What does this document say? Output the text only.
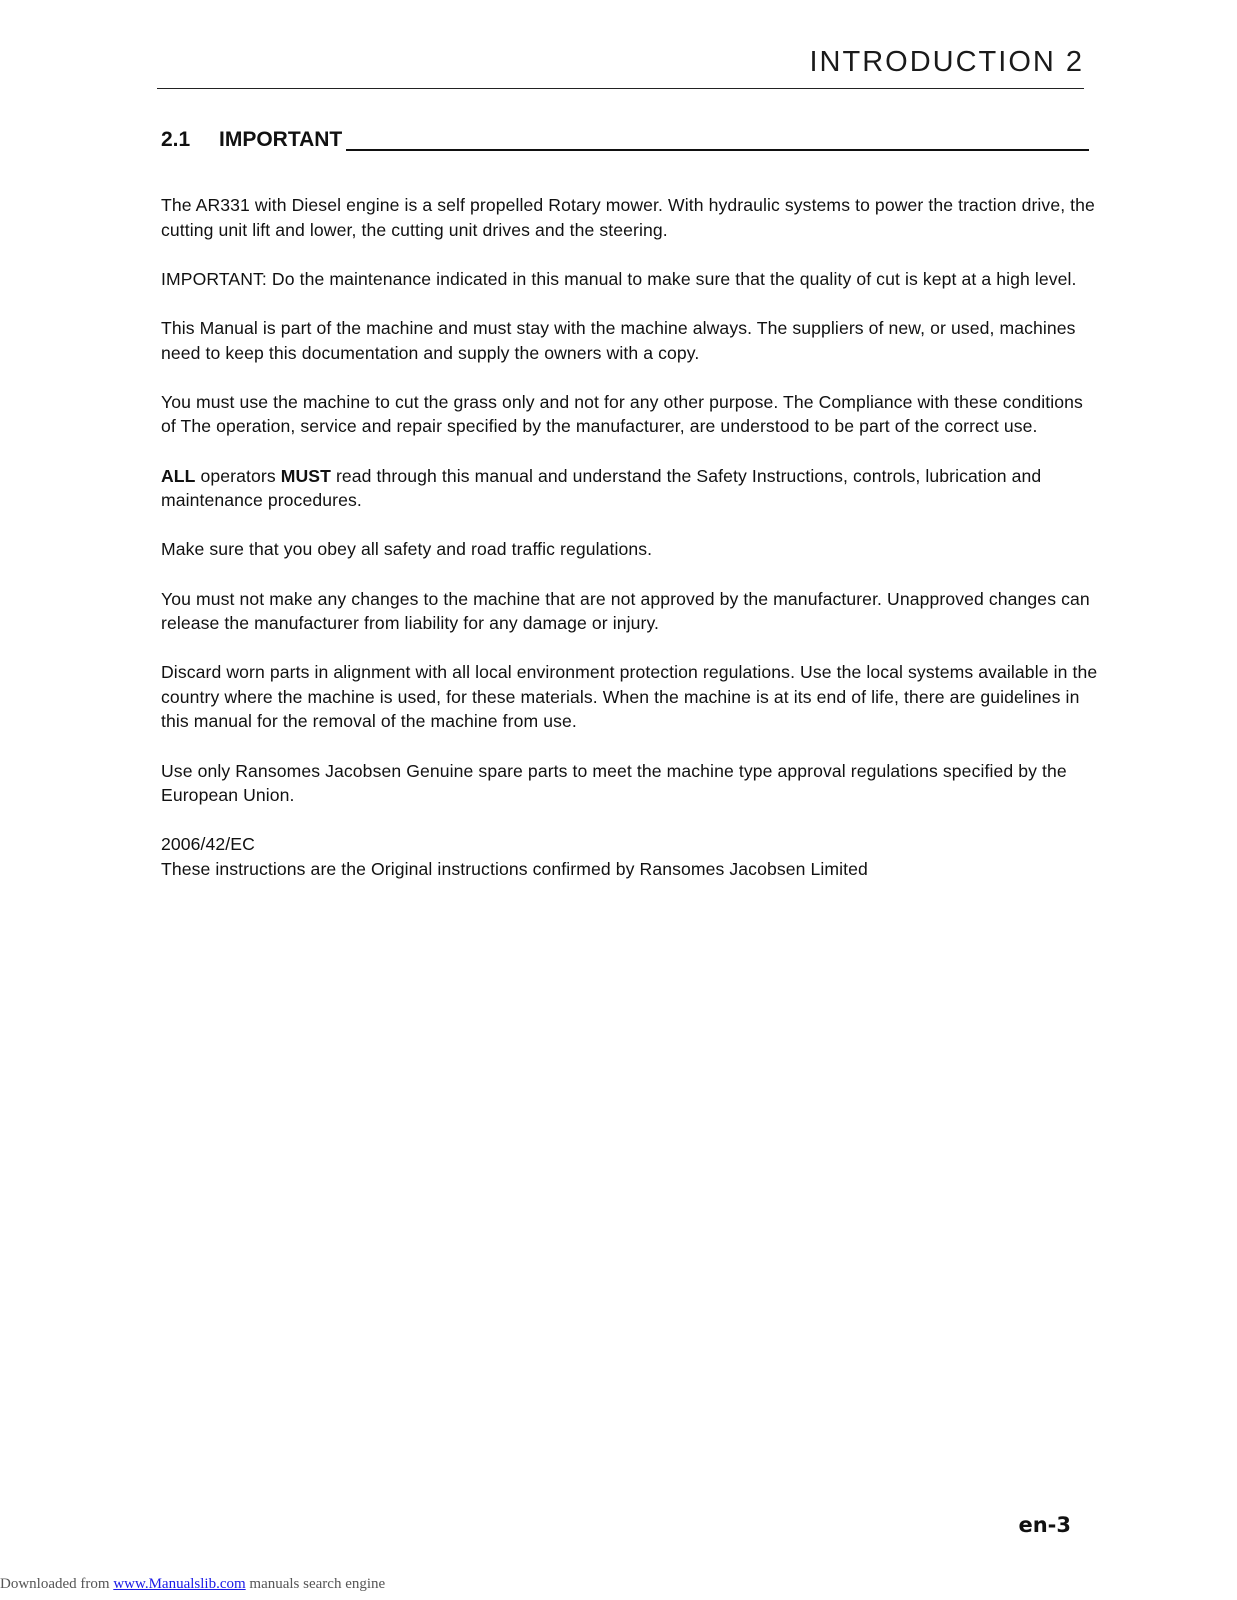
INTRODUCTION 2
2.1	IMPORTANT

The AR331 with Diesel engine is a self propelled Rotary mower. With hydraulic systems to power the traction drive, the cutting unit lift and lower, the cutting unit drives and the steering.

IMPORTANT: Do the maintenance indicated in this manual to make sure that the quality of cut is kept at a high level.

This Manual is part of the machine and must stay with the machine always. The suppliers of new, or used, machines need to keep this documentation and supply the owners with a copy.

You must use the machine to cut the grass only and not for any other purpose. The Compliance with these conditions of The operation, service and repair specified by the manufacturer, are understood to be part of the correct use.

ALL operators MUST read through this manual and understand the Safety Instructions, controls, lubrication and maintenance procedures.

Make sure that you obey all safety and road traffic regulations.

You must not make any changes to the machine that are not approved by the manufacturer. Unapproved changes can release the manufacturer from liability for any damage or injury.

Discard worn parts in alignment with all local environment protection regulations. Use the local systems available in the country where the machine is used, for these materials. When the machine is at its end of life, there are guidelines in this manual for the removal of the machine from use.

Use only Ransomes Jacobsen Genuine spare parts to meet the machine type approval regulations specified by the European Union.

2006/42/EC

These instructions are the Original instructions confirmed by Ransomes Jacobsen Limited

en-3
Downloaded from www.Manualslib.com manuals search engine
